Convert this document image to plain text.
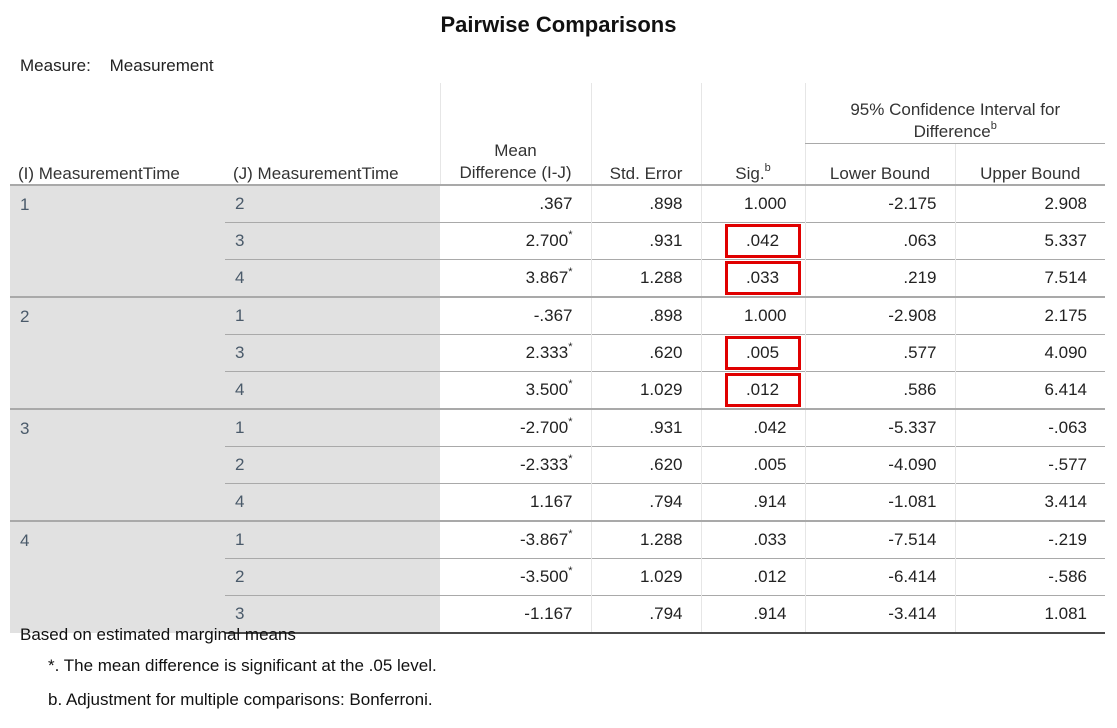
Pairwise Comparisons
Measure: Measurement
(I) MeasurementTime	(J) MeasurementTime	Mean Difference (I-J)	Std. Error	Sig.$^b$	95% Confidence Interval for Difference$^b$

					Lower Bound	Upper Bound
1	2	.367	.898	1.000	-2.175	2.908
	3	2.700*	.931	.042	.063	5.337
	4	3.867*	1.288	.033	.219	7.514
2	1	-.367	.898	1.000	-2.908	2.175
	3	2.333*	.620	.005	.577	4.090
	4	3.500*	1.029	.012	.586	6.414
3	1	-2.700*	.931	.042	-5.337	-.063
	2	-2.333*	.620	.005	-4.090	-.577
	4	1.167	.794	.914	-1.081	3.414
4	1	-3.867*	1.288	.033	-7.514	-.219
	2	-3.500*	1.029	.012	-6.414	-.586
	3	-1.167	.794	.914	-3.414	1.081
Based on estimated marginal means
*. The mean difference is significant at the .05 level.
b. Adjustment for multiple comparisons: Bonferroni.
